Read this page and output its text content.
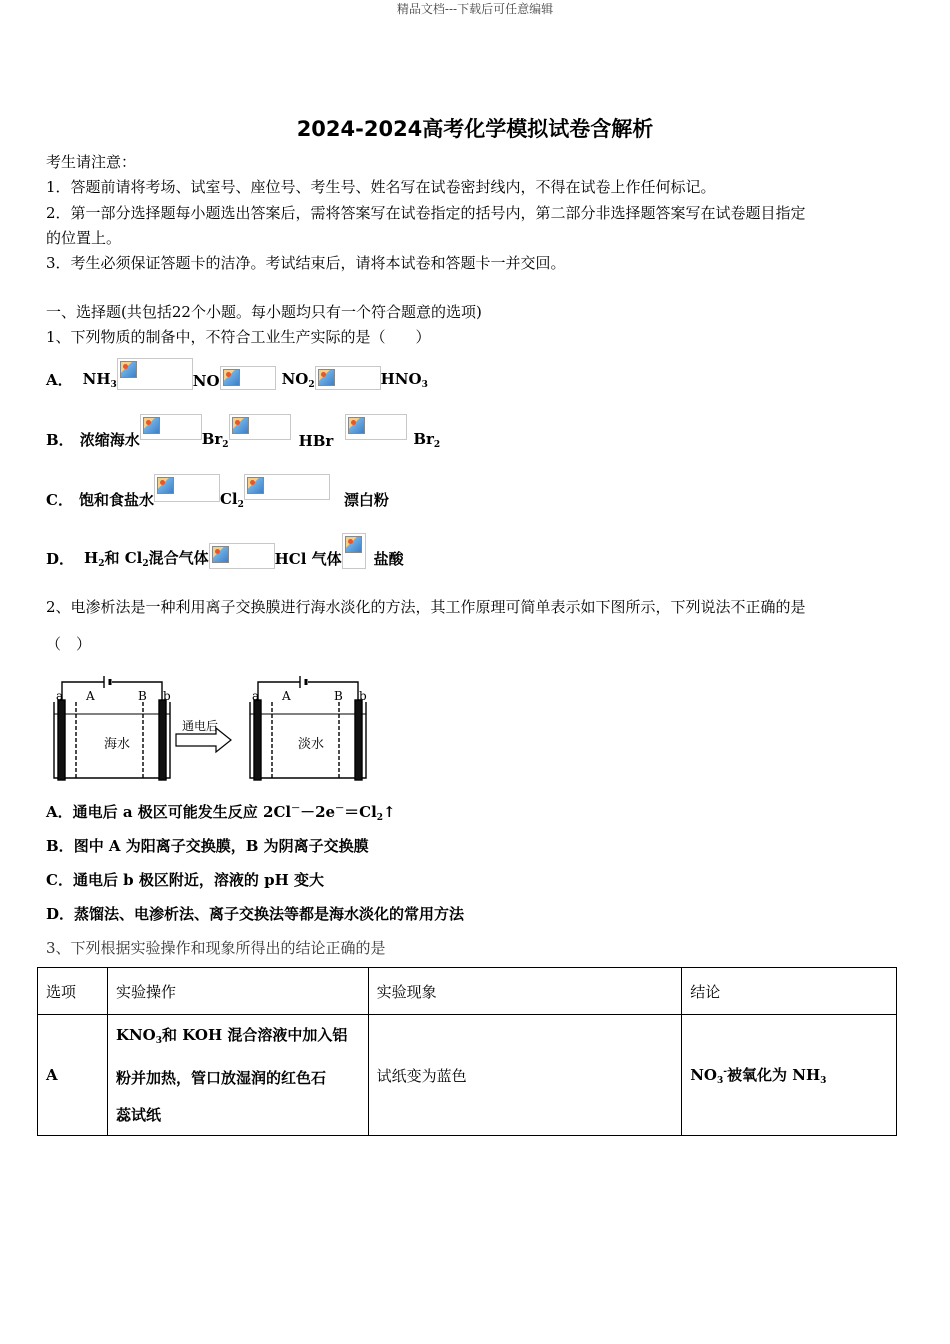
精品文档---下载后可任意编辑
2024-2024高考化学模拟试卷含解析
考生请注意：
1．答题前请将考场、试室号、座位号、考生号、姓名写在试卷密封线内，不得在试卷上作任何标记。
2．第一部分选择题每小题选出答案后，需将答案写在试卷指定的括号内，第二部分非选择题答案写在试卷题目指定
的位置上。
3．考生必须保证答题卡的洁净。考试结束后，请将本试卷和答题卡一并交回。
一、选择题(共包括22个小题。每小题均只有一个符合题意的选项)
1、下列物质的制备中，不符合工业生产实际的是（　　）
A． $NH_3$	NO	$NO_2$	$HNO_3$
B． 浓缩海水	$Br_2$	HBr	$Br_2$
C． 饱和食盐水	$Cl_2$	漂白粉
D． $H_2$和 $Cl_2$混合气体	HCl 气体 盐酸
2、电渗析法是一种利用离子交换膜进行海水淡化的方法，其工作原理可简单表示如下图所示，下列说法不正确的是
（　）
a A	B b
海水
通电后
a A	B b
淡水
A．通电后 a 极区可能发生反应 $2Cl^--2e^-=Cl_2↑$
B．图中 A 为阳离子交换膜，B 为阴离子交换膜
C．通电后 b 极区附近，溶液的 pH 变大
D．蒸馏法、电渗析法、离子交换法等都是海水淡化的常用方法
3、下列根据实验操作和现象所得出的结论正确的是
选项	实验操作	实验现象	结论
A	$KNO_3$和 KOH 混合溶液中加入铝
粉并加热，管口放湿润的红色石
蕊试纸	试纸变为蓝色	$NO_3^-$被氧化为 $NH_3$
